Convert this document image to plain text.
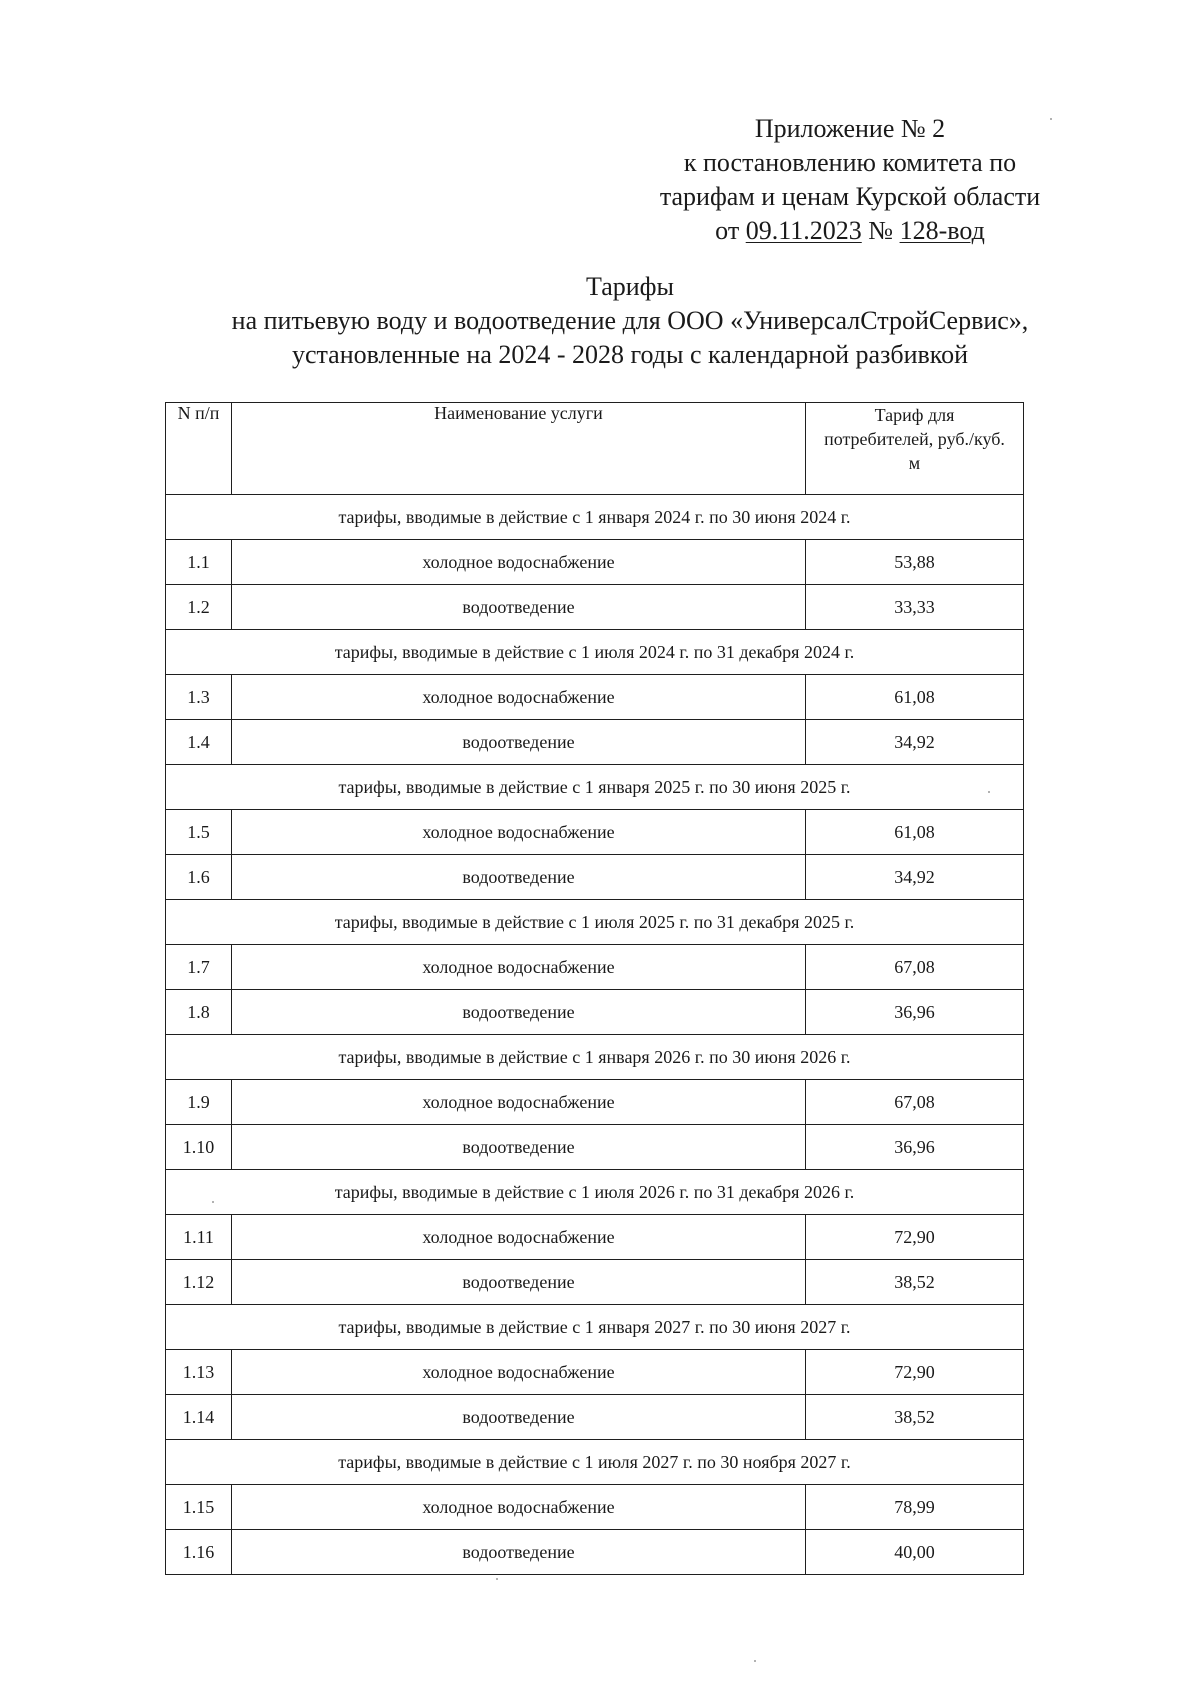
Приложение № 2
к постановлению комитета по
тарифам и ценам Курской области
от 09.11.2023 № 128-вод
Тарифы
на питьевую воду и водоотведение для ООО «УниверсалСтройСервис»,
установленные на 2024 - 2028 годы с календарной разбивкой
N п/п	Наименование услуги	Тариф для
потребителей, руб./куб.
м

тарифы, вводимые в действие с 1 января 2024 г. по 30 июня 2024 г.		
1.1	холодное водоснабжение	53,88
1.2	водоотведение	33,33
тарифы, вводимые в действие с 1 июля 2024 г. по 31 декабря 2024 г.		
1.3	холодное водоснабжение	61,08
1.4	водоотведение	34,92
тарифы, вводимые в действие с 1 января 2025 г. по 30 июня 2025 г.		
1.5	холодное водоснабжение	61,08
1.6	водоотведение	34,92
тарифы, вводимые в действие с 1 июля 2025 г. по 31 декабря 2025 г.		
1.7	холодное водоснабжение	67,08
1.8	водоотведение	36,96
тарифы, вводимые в действие с 1 января 2026 г. по 30 июня 2026 г.		
1.9	холодное водоснабжение	67,08
1.10	водоотведение	36,96
тарифы, вводимые в действие с 1 июля 2026 г. по 31 декабря 2026 г.		
1.11	холодное водоснабжение	72,90
1.12	водоотведение	38,52
тарифы, вводимые в действие с 1 января 2027 г. по 30 июня 2027 г.		
1.13	холодное водоснабжение	72,90
1.14	водоотведение	38,52
тарифы, вводимые в действие с 1 июля 2027 г. по 30 ноября 2027 г.		
1.15	холодное водоснабжение	78,99
1.16	водоотведение	40,00
